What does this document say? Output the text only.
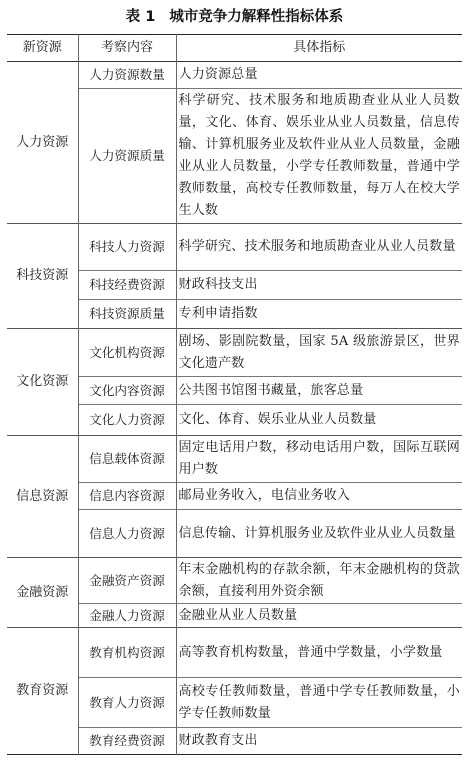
表 1 城市竞争力解释性指标体系
新资源	考察内容	具体指标
人力资源	人力资源数量	人力资源总量
	人力资源质量	科学研究、技术服务和地质勘查业从业人员数量，文化、体育、娱乐业从业人员数量，信息传输、计算机服务业及软件业从业人员数量，金融业从业人员数量，小学专任教师数量，普通中学教师数量，高校专任教师数量，每万人在校大学生人数
科技资源	科技人力资源	科学研究、技术服务和地质勘查业从业人员数量
	科技经费资源	财政科技支出
	科技资源质量	专利申请指数
文化资源	文化机构资源	剧场、影剧院数量，国家 5A 级旅游景区，世界文化遗产数
	文化内容资源	公共图书馆图书藏量，旅客总量
	文化人力资源	文化、体育、娱乐业从业人员数量
信息资源	信息载体资源	固定电话用户数，移动电话用户数，国际互联网用户数
	信息内容资源	邮局业务收入，电信业务收入
	信息人力资源	信息传输、计算机服务业及软件业从业人员数量
金融资源	金融资产资源	年末金融机构的存款余额，年末金融机构的贷款余额，直接利用外资余额
	金融人力资源	金融业从业人员数量
教育资源	教育机构资源	高等教育机构数量，普通中学数量，小学数量
	教育人力资源	高校专任教师数量，普通中学专任教师数量，小学专任教师数量
	教育经费资源	财政教育支出
